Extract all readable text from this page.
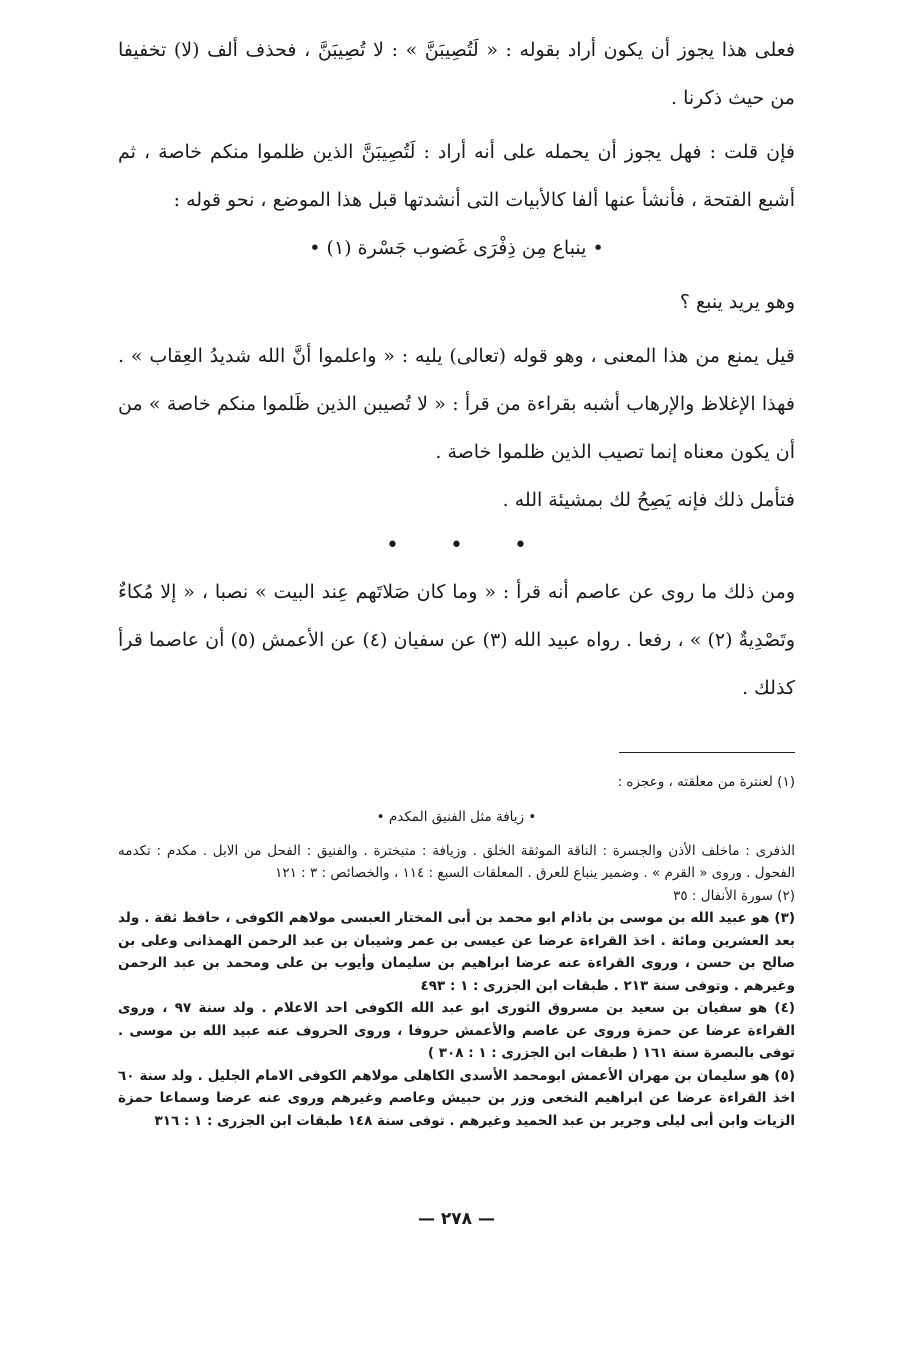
فعلى هذا يجوز أن يكون أراد بقوله : « لَتُصِيبَنَّ » : لا تُصِيبَنَّ ، فحذف ألف (لا) تخفيفا من حيث ذكرنا .

فإن قلت : فهل يجوز أن يحمله على أنه أراد : لَتُصِيبَنَّ الذين ظلموا منكم خاصة ، ثم أشبع الفتحة ، فأنشأ عنها ألفا كالأبيات التى أنشدتها قبل هذا الموضع ، نحو قوله :

• ينباع مِن ذِفْرَى غَضوب جَسْرة (١) •

وهو يريد ينبع ؟

قيل يمنع من هذا المعنى ، وهو قوله (تعالى) يليه : « واعلموا أنَّ الله شديدُ العِقاب » . فهذا الإغلاظ والإرهاب أشبه بقراءة من قرأ : « لا تُصيبن الذين ظَلموا منكم خاصة » من أن يكون معناه إنما تصيب الذين ظلموا خاصة .

فتأمل ذلك فإنه يَصِحُ لك بمشيئة الله .

• • •

ومن ذلك ما روى عن عاصم أنه قرأ : « وما كان صَلاتَهم عِند البيت » نصبا ، « إلا مُكاءٌ وتَصْدِيةٌ (٢) » ، رفعا . رواه عبيد الله (٣) عن سفيان (٤) عن الأعمش (٥) أن عاصما قرأ كذلك .

(١) لعنترة من معلقته ، وعجزه :

• زيافة مثل الفنيق المكدم •

الذفرى : ماخلف الأذن والجسرة : الناقة الموثقة الخلق . وزيافة : متبخترة . والفنيق : الفحل من الابل . مكدم : تكدمه الفحول . وروى « القرم » . وضمير ينباع للعرق . المعلقات السبع : ١١٤ ، والخصائص : ٣ : ١٢١

(٢) سورة الأنفال : ٣٥

(٣) هو عبيد الله بن موسى بن باذام ابو محمد بن أبى المختار العبسى مولاهم الكوفى ، حافظ ثقة . ولد بعد العشرين ومائة . اخذ القراءة عرضا عن عيسى بن عمر وشيبان بن عبد الرحمن الهمذانى وعلى بن صالح بن حسن ، وروى القراءة عنه عرضا ابراهيم بن سليمان وأيوب بن على ومحمد بن عبد الرحمن وغيرهم . وتوفى سنة ٢١٣ . طبقات ابن الجزرى : ١ : ٤٩٣

(٤) هو سفيان بن سعيد بن مسروق الثورى ابو عبد الله الكوفى احد الاعلام . ولد سنة ٩٧ ، وروى القراءة عرضا عن حمزة وروى عن عاصم والأعمش حروفا ، وروى الحروف عنه عبيد الله بن موسى . توفى بالبصرة سنة ١٦١ ( طبقات ابن الجزرى : ١ : ٣٠٨ )

(٥) هو سليمان بن مهران الأعمش ابومحمد الأسدى الكاهلى مولاهم الكوفى الامام الجليل . ولد سنة ٦٠ اخذ القراءة عرضا عن ابراهيم النخعى وزر بن حبيش وعاصم وغيرهم وروى عنه عرضا وسماعا حمزة الزيات وابن أبى ليلى وجرير بن عبد الحميد وغيرهم . توفى سنة ١٤٨ طبقات ابن الجزرى : ١ : ٣١٦

— ٢٧٨ —
